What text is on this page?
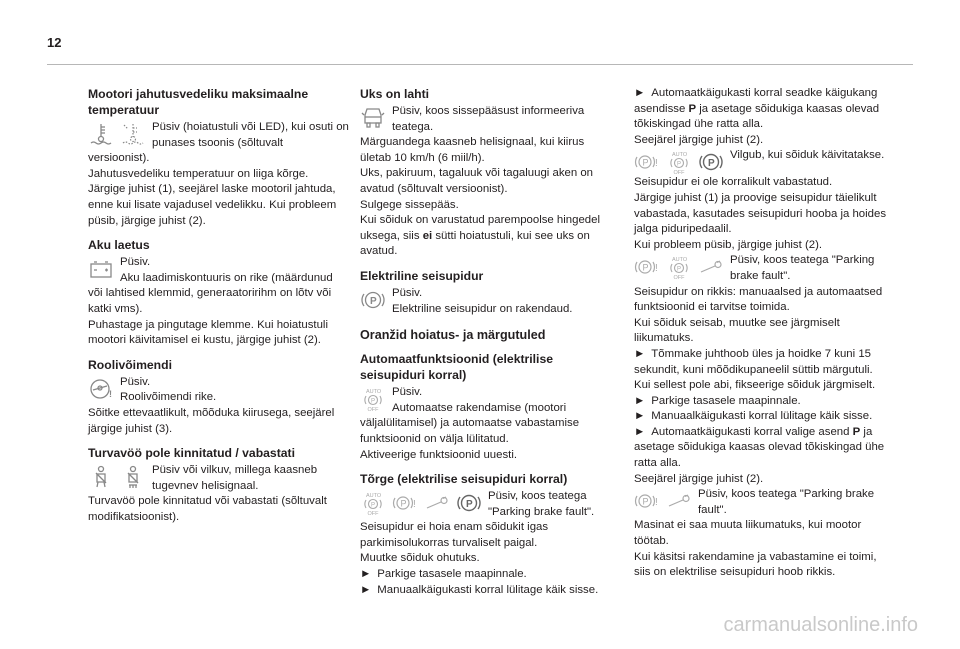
12
Mootori jahutusvedeliku maksimaalne temperatuur
Püsiv (hoiatustuli või LED), kui osuti on punases tsoonis (sõltuvalt

versioonist).

Jahutusvedeliku temperatuur on liiga kõrge.

Järgige juhist (1), seejärel laske mootoril jahtuda, enne kui lisate vajadusel vedelikku. Kui probleem püsib, järgige juhist (2).

Aku laetus

Püsiv.

Aku laadimiskontuuris on rike (määrdunud

või lahtised klemmid, generaatoririhm on lõtv või katki vms).

Puhastage ja pingutage klemme. Kui hoiatustuli mootori käivitamisel ei kustu, järgige juhist (2).

Roolivõimendi
!

Püsiv.

Roolivõimendi rike.

Sõitke ettevaatlikult, mõõduka kiirusega, seejärel järgige juhist (3).

Turvavöö pole kinnitatud / vabastati
Püsiv või vilkuv, millega kaasneb tugevnev helisignaal.

Turvavöö pole kinnitatud või vabastati (sõltuvalt modifikatsioonist).

Uks on lahti
Püsiv, koos sissepääsust informeeriva teatega.

Märguandega kaasneb helisignaal, kui kiirus ületab 10 km/h (6 miil/h).

Uks, pakiruum, tagaluuk või tagaluugi aken on avatud (sõltuvalt versioonist).

Sulgege sissepääs.

Kui sõiduk on varustatud parempoolse hingedel uksega, siis ei sütti hoiatustuli, kui see uks on avatud.

Elektriline seisupidur
P

Püsiv.

Elektriline seisupidur on rakendaud.

Oranžid hoiatus- ja märgutuled
Automaatfunktsioonid (elektrilise seisupiduri korral)
AUTO
P
OFF

Püsiv.

Automaatse rakendamise (mootori

väljalülitamisel) ja automaatse vabastamise funktsioonid on välja lülitatud.

Aktiveerige funktsioonid uuesti.

Tõrge (elektrilise seisupiduri korral)
AUTO
P
OFF
P !	P
Püsiv, koos teatega "Parking brake fault".

Seisupidur ei hoia enam sõidukit igas parkimisolukorras turvaliselt paigal.

Muutke sõiduk ohutuks.

► Parkige tasasele maapinnale.

► Manuaalkäigukasti korral lülitage käik sisse.

► Automaatkäigukasti korral seadke käigukang asendisse P ja asetage sõidukiga kaasas olevad tõkiskingad ühe ratta alla.

Seejärel järgige juhist (2).

P !
AUTO
P
OFF
P
Vilgub, kui sõiduk käivitatakse.

Seisupidur ei ole korralikult vabastatud.

Järgige juhist (1) ja proovige seisupidur täielikult vabastada, kasutades seisupiduri hooba ja hoides jalga piduripedaalil.

Kui probleem püsib, järgige juhist (2).

P !
AUTO
P
OFF
Püsiv, koos teatega "Parking brake fault".

Seisupidur on rikkis: manuaalsed ja automaatsed funktsioonid ei tarvitse toimida.

Kui sõiduk seisab, muutke see järgmiselt liikumatuks.

► Tõmmake juhthoob üles ja hoidke 7 kuni 15 sekundit, kuni mõõdikupaneelil süttib märgutuli.

Kui sellest pole abi, fikseerige sõiduk järgmiselt.

► Parkige tasasele maapinnale.

► Manuaalkäigukasti korral lülitage käik sisse.

► Automaatkäigukasti korral valige asend P ja asetage sõidukiga kaasas olevad tõkiskingad ühe ratta alla.

Seejärel järgige juhist (2).

P !
Püsiv, koos teatega "Parking brake fault".

Masinat ei saa muuta liikumatuks, kui mootor töötab.

Kui käsitsi rakendamine ja vabastamine ei toimi, siis on elektrilise seisupiduri hoob rikkis.

carmanualsonline.info
